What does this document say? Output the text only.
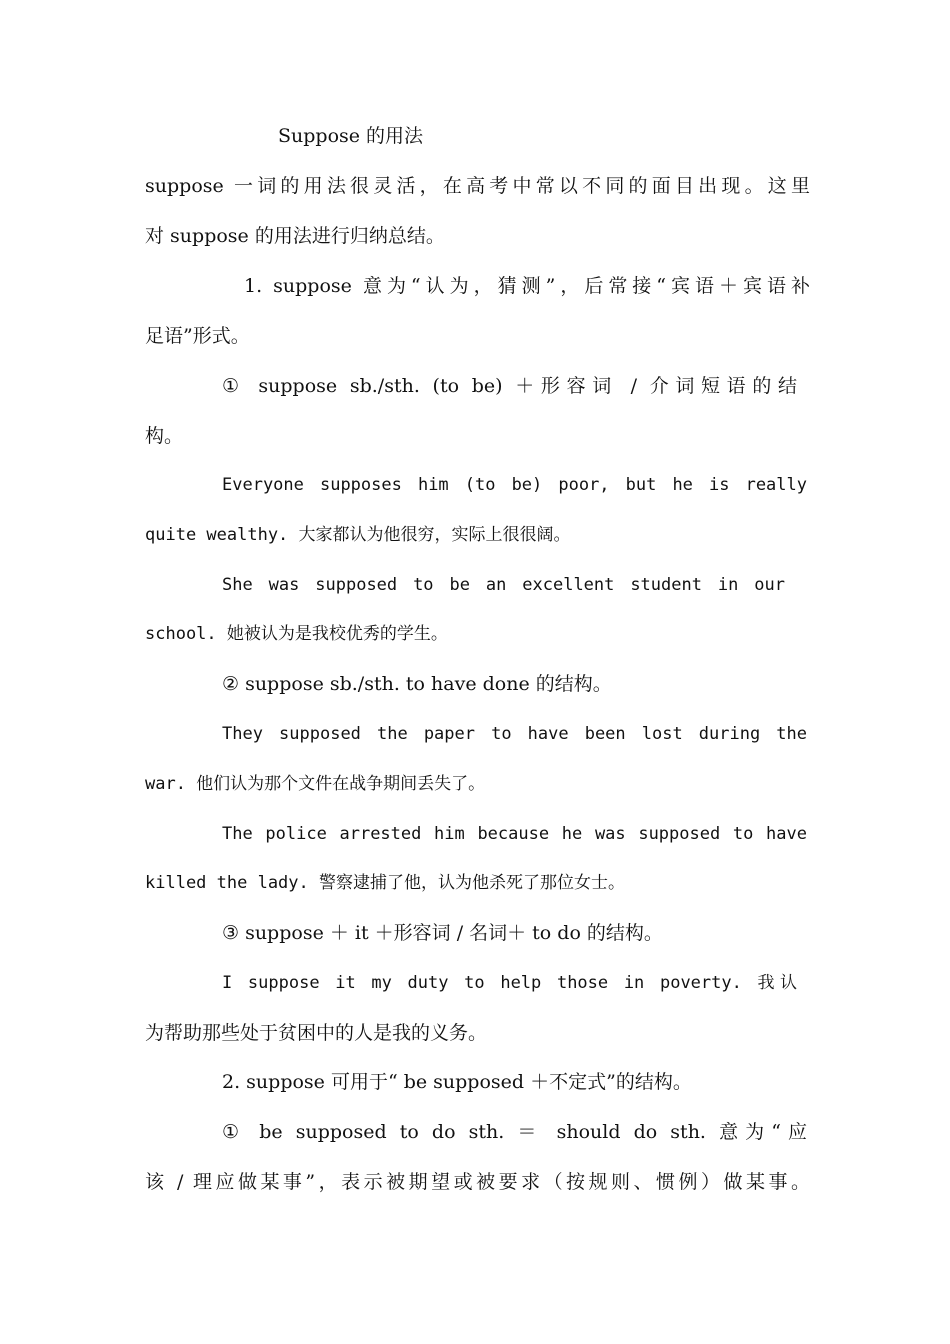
Suppose 的用法
suppose 一词的用法很灵活，在高考中常以不同的面目出现。这里
对 suppose 的用法进行归纳总结。
1. suppose 意为“认为，猜测”，后常接“宾语＋宾语补
足语”形式。
① suppose sb./sth. (to be) ＋形容词 / 介词短语的结
构。
Everyone supposes him (to be) poor, but he is really
quite wealthy. 大家都认为他很穷，实际上很很阔。
She was supposed to be an excellent student in our
school. 她被认为是我校优秀的学生。
② suppose sb./sth. to have done 的结构。
They supposed the paper to have been lost during the
war. 他们认为那个文件在战争期间丢失了。
The police arrested him because he was supposed to have
killed the lady. 警察逮捕了他，认为他杀死了那位女士。
③ suppose ＋ it ＋形容词 / 名词＋ to do 的结构。
I suppose it my duty to help those in poverty. 我认
为帮助那些处于贫困中的人是我的义务。
2. suppose 可用于“ be supposed ＋不定式”的结构。
① be supposed to do sth. ＝ should do sth. 意为“应
该 / 理应做某事”，表示被期望或被要求（按规则、惯例）做某事。
